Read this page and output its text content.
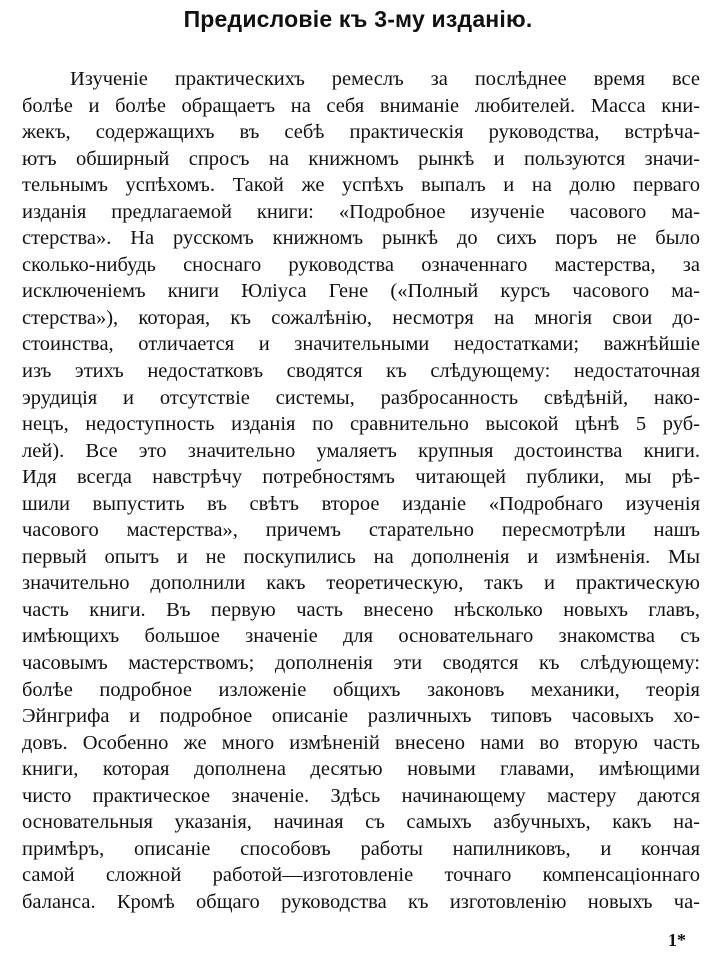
Предисловіе къ 3-му изданію.
Изученіе практическихъ ремеслъ за послѣднее время все
болѣе и болѣе обращаетъ на себя вниманіе любителей. Масса кни-
жекъ, содержащихъ въ себѣ практическія руководства, встрѣча-
ютъ обширный спросъ на книжномъ рынкѣ и пользуются значи-
тельнымъ успѣхомъ. Такой же успѣхъ выпалъ и на долю перваго
изданія предлагаемой книги: «Подробное изученіе часового ма-
стерства». На русскомъ книжномъ рынкѣ до сихъ поръ не было
сколько-нибудь сноснаго руководства означеннаго мастерства, за
исключеніемъ книги Юліуса Гене («Полный курсъ часового ма-
стерства»), которая, къ сожалѣнію, несмотря на многія свои до-
стоинства, отличается и значительными недостатками; важнѣйшіе
изъ этихъ недостатковъ сводятся къ слѣдующему: недостаточная
эрудиція и отсутствіе системы, разбросанность свѣдѣній, нако-
нецъ, недоступность изданія по сравнительно высокой цѣнѣ 5 руб-
лей). Все это значительно умаляетъ крупныя достоинства книги.
Идя всегда навстрѣчу потребностямъ читающей публики, мы рѣ-
шили выпустить въ свѣтъ второе изданіе «Подробнаго изученія
часового мастерства», причемъ старательно пересмотрѣли нашъ
первый опытъ и не поскупились на дополненія и измѣненія. Мы
значительно дополнили какъ теоретическую, такъ и практическую
часть книги. Въ первую часть внесено нѣсколько новыхъ главъ,
имѣющихъ большое значеніе для основательнаго знакомства съ
часовымъ мастерствомъ; дополненія эти сводятся къ слѣдующему:
болѣе подробное изложеніе общихъ законовъ механики, теорія
Эйнгрифа и подробное описаніе различныхъ типовъ часовыхъ хо-
довъ. Особенно же много измѣненій внесено нами во вторую часть
книги, которая дополнена десятью новыми главами, имѣющими
чисто практическое значеніе. Здѣсь начинающему мастеру даются
основательныя указанія, начиная съ самыхъ азбучныхъ, какъ на-
примѣръ, описаніе способовъ работы напилниковъ, и кончая
самой сложной работой—изготовленіе точнаго компенсаціоннаго
баланса. Кромѣ общаго руководства къ изготовленію новыхъ ча-
1*
